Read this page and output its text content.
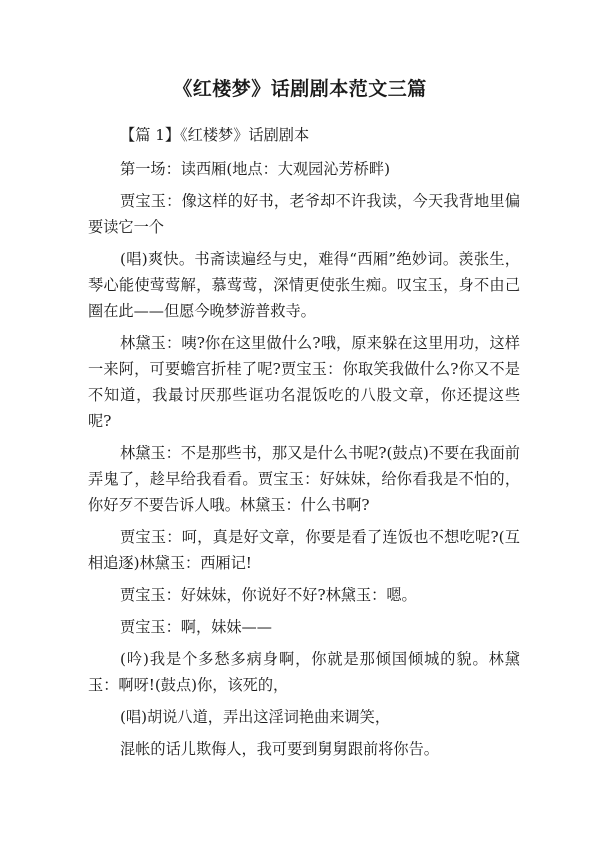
《红楼梦》话剧剧本范文三篇

【篇 1】《红楼梦》话剧剧本

第一场：读西厢(地点：大观园沁芳桥畔)

贾宝玉：像这样的好书，老爷却不许我读，今天我背地里偏要读它一个

(唱)爽快。书斋读遍经与史，难得“西厢”绝妙词。羡张生，琴心能使莺莺解，慕莺莺，深情更使张生痴。叹宝玉，身不由己圈在此——但愿今晚梦游普救寺。

林黛玉：咦?你在这里做什么?哦，原来躲在这里用功，这样一来阿，可要蟾宫折桂了呢?贾宝玉：你取笑我做什么?你又不是不知道，我最讨厌那些诓功名混饭吃的八股文章，你还提这些呢?

林黛玉：不是那些书，那又是什么书呢?(鼓点)不要在我面前弄鬼了，趁早给我看看。贾宝玉：好妹妹，给你看我是不怕的，你好歹不要告诉人哦。林黛玉：什么书啊?

贾宝玉：呵，真是好文章，你要是看了连饭也不想吃呢?(互相追逐)林黛玉：西厢记!

贾宝玉：好妹妹，你说好不好?林黛玉：嗯。

贾宝玉：啊，妹妹——

(吟)我是个多愁多病身啊，你就是那倾国倾城的貌。林黛玉：啊呀!(鼓点)你，该死的，

(唱)胡说八道，弄出这淫词艳曲来调笑，

混帐的话儿欺侮人，我可要到舅舅跟前将你告。
